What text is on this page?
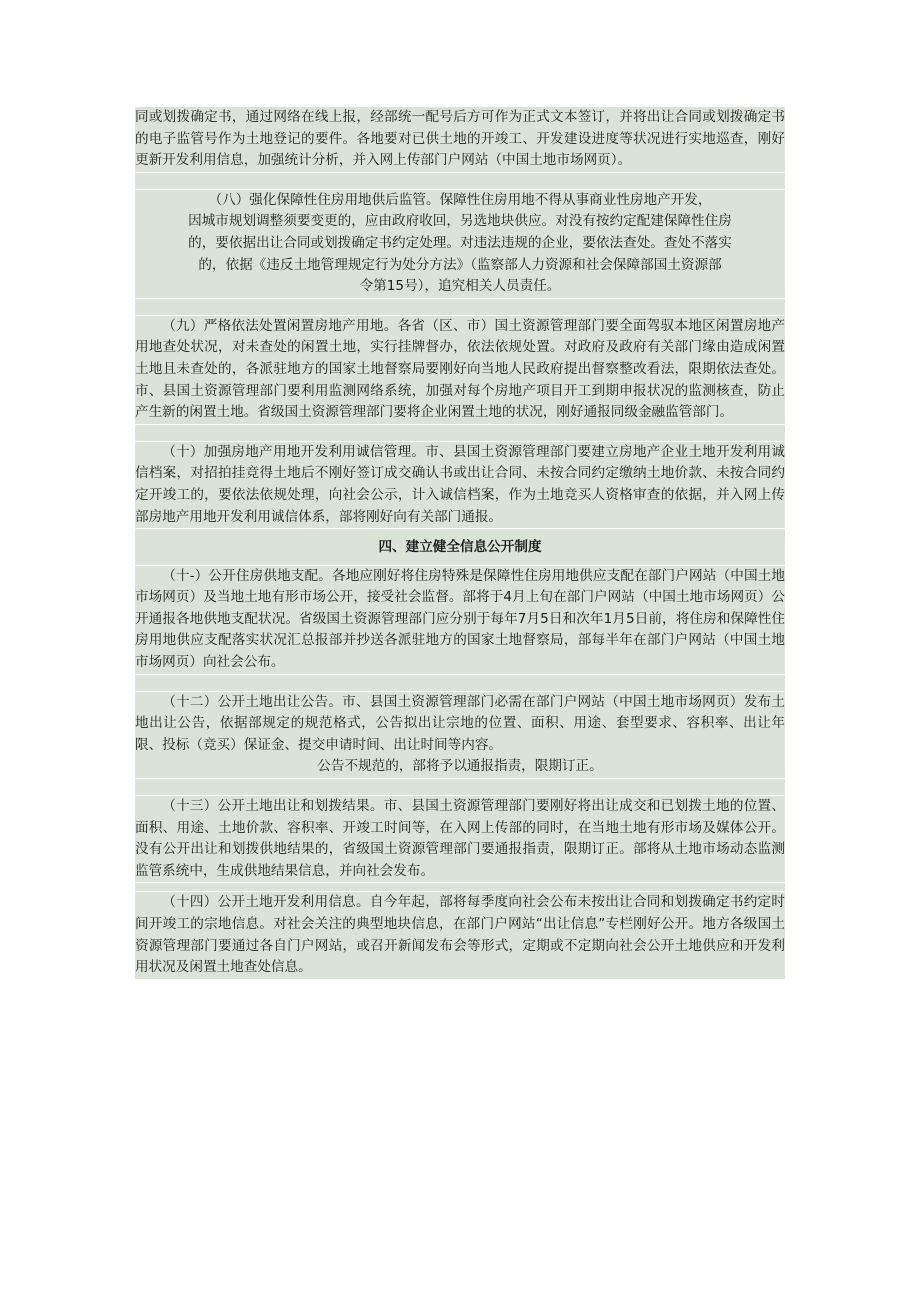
同或划拨确定书，通过网络在线上报，经部统一配号后方可作为正式文本签订，并将出让合同或划拨确定书的电子监管号作为土地登记的要件。各地要对已供土地的开竣工、开发建设进度等状况进行实地巡查，刚好更新开发利用信息，加强统计分析，并入网上传部门户网站（中国土地市场网页）。

（八）强化保障性住房用地供后监管。保障性住房用地不得从事商业性房地产开发，
因城市规划调整须要变更的，应由政府收回，另选地块供应。对没有按约定配建保障性住房
的，要依据出让合同或划拨确定书约定处理。对违法违规的企业，要依法查处。查处不落实
的，依据《违反土地管理规定行为处分方法》（监察部人力资源和社会保障部国土资源部
令第15号），追究相关人员责任。

（九）严格依法处置闲置房地产用地。各省（区、市）国土资源管理部门要全面驾驭本地区闲置房地产用地查处状况，对未查处的闲置土地，实行挂牌督办，依法依规处置。对政府及政府有关部门缘由造成闲置土地且未查处的，各派驻地方的国家土地督察局要刚好向当地人民政府提出督察整改看法，限期依法查处。市、县国土资源管理部门要利用监测网络系统，加强对每个房地产项目开工到期申报状况的监测核查，防止产生新的闲置土地。省级国土资源管理部门要将企业闲置土地的状况，刚好通报同级金融监管部门。

（十）加强房地产用地开发利用诚信管理。市、县国土资源管理部门要建立房地产企业土地开发利用诚信档案，对招拍挂竞得土地后不刚好签订成交确认书或出让合同、未按合同约定缴纳土地价款、未按合同约定开竣工的，要依法依规处理，向社会公示，计入诚信档案，作为土地竞买人资格审查的依据，并入网上传部房地产用地开发利用诚信体系，部将刚好向有关部门通报。

四、建立健全信息公开制度

（十-）公开住房供地支配。各地应刚好将住房特殊是保障性住房用地供应支配在部门户网站（中国土地市场网页）及当地土地有形市场公开，接受社会监督。部将于4月上旬在部门户网站（中国土地市场网页）公开通报各地供地支配状况。省级国土资源管理部门应分别于每年7月5日和次年1月5日前，将住房和保障性住房用地供应支配落实状况汇总报部并抄送各派驻地方的国家土地督察局，部每半年在部门户网站（中国土地市场网页）向社会公布。

（十二）公开土地出让公告。市、县国土资源管理部门必需在部门户网站（中国土地市场网页）发布土地出让公告，依据部规定的规范格式，公告拟出让宗地的位置、面积、用途、套型要求、容积率、出让年限、投标（竞买）保证金、提交申请时间、出让时间等内容。
公告不规范的，部将予以通报指责，限期订正。

（十三）公开土地出让和划拨结果。市、县国土资源管理部门要刚好将出让成交和已划拨土地的位置、面积、用途、土地价款、容积率、开竣工时间等，在入网上传部的同时，在当地土地有形市场及媒体公开。没有公开出让和划拨供地结果的，省级国土资源管理部门要通报指责，限期订正。部将从土地市场动态监测监管系统中，生成供地结果信息，并向社会发布。

（十四）公开土地开发利用信息。自今年起，部将每季度向社会公布未按出让合同和划拨确定书约定时间开竣工的宗地信息。对社会关注的典型地块信息，在部门户网站“出让信息”专栏刚好公开。地方各级国土资源管理部门要通过各自门户网站，或召开新闻发布会等形式，定期或不定期向社会公开土地供应和开发利用状况及闲置土地查处信息。
